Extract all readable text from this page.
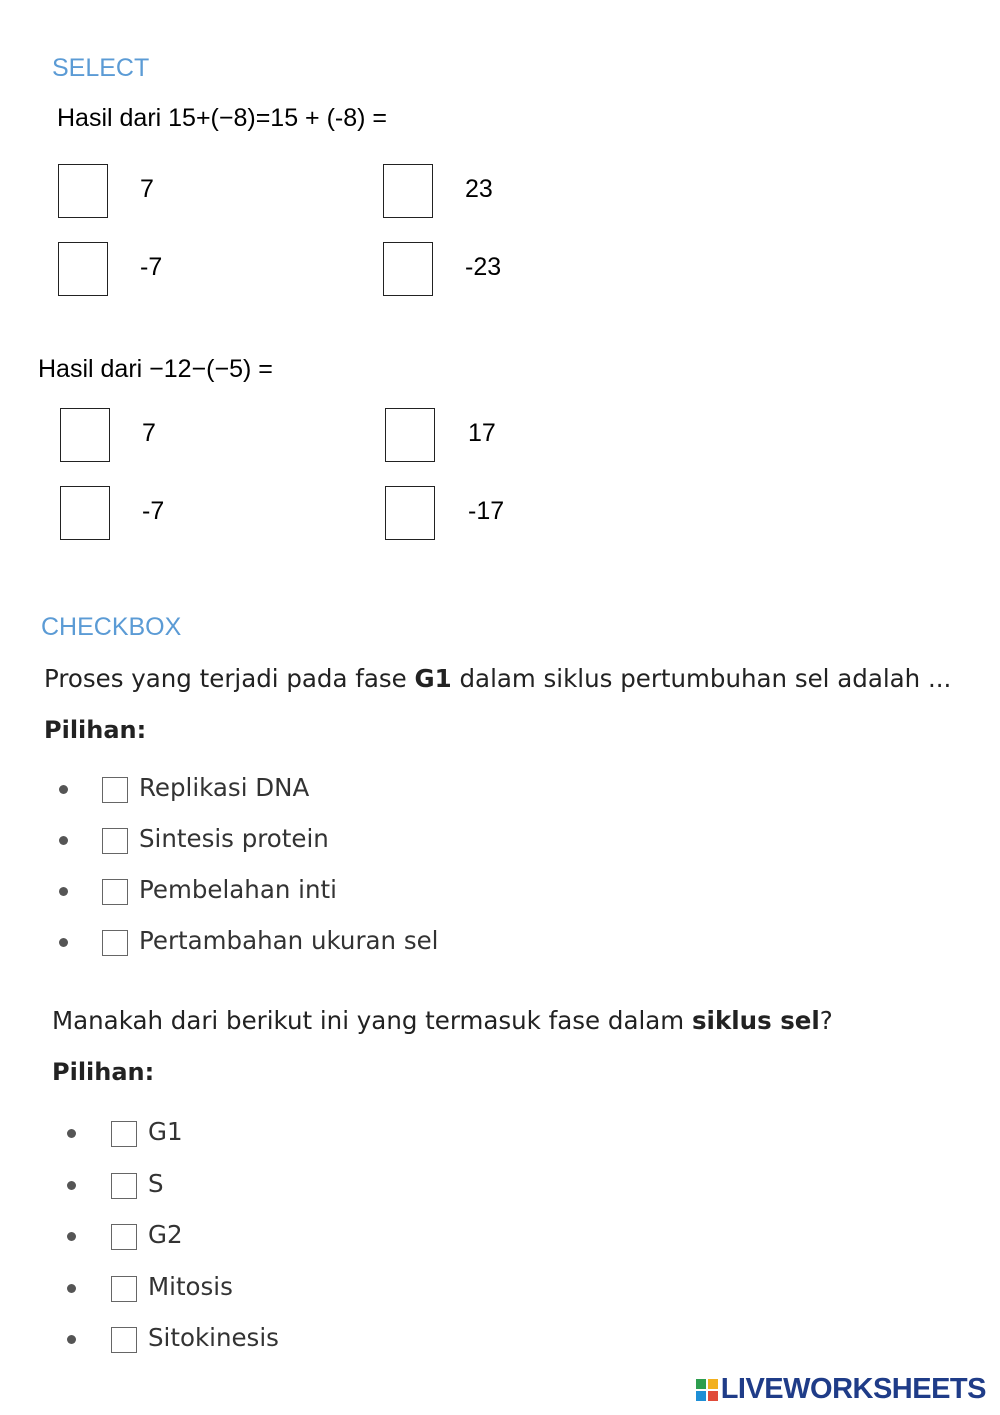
SELECT
Hasil dari 15+(−8)=15 + (-8) =
7	23
-7	-23
Hasil dari −12−(−5) =
7	17
-7	-17
CHECKBOX
Proses yang terjadi pada fase G1 dalam siklus pertumbuhan sel adalah ...
Pilihan:
Replikasi DNA
Sintesis protein
Pembelahan inti
Pertambahan ukuran sel
Manakah dari berikut ini yang termasuk fase dalam siklus sel?
Pilihan:
G1
S
G2
Mitosis
Sitokinesis
LIVEWORKSHEETS
